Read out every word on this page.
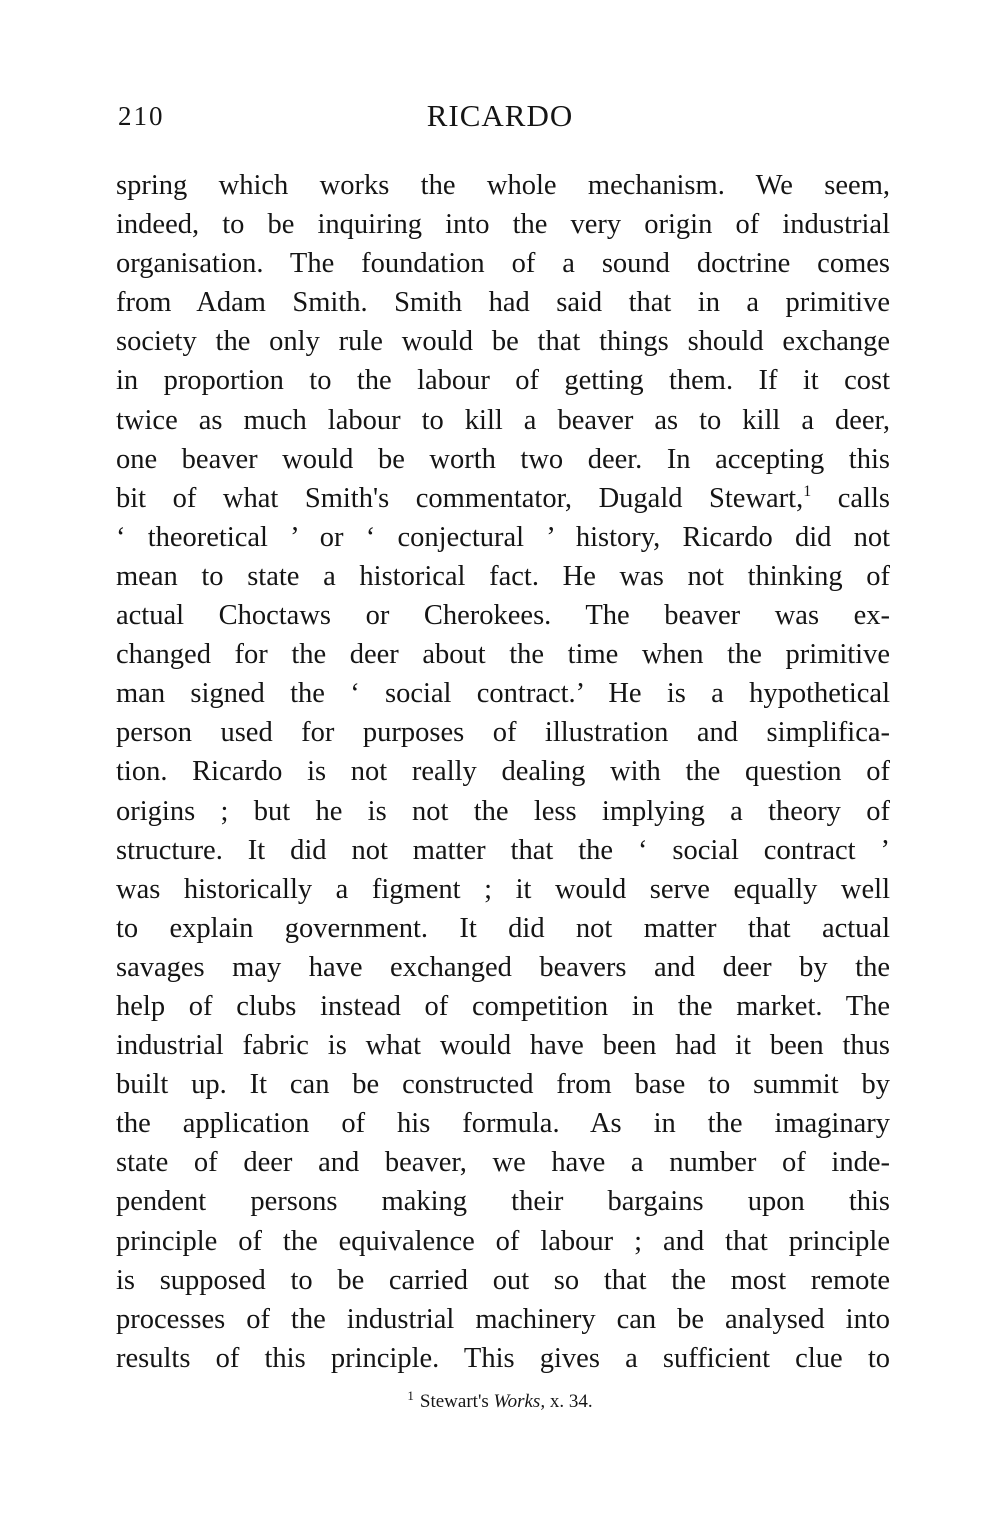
210	RICARDO
spring which works the whole mechanism. We seem,
indeed, to be inquiring into the very origin of industrial
organisation. The foundation of a sound doctrine comes
from Adam Smith. Smith had said that in a primitive
society the only rule would be that things should exchange
in proportion to the labour of getting them. If it cost
twice as much labour to kill a beaver as to kill a deer,
one beaver would be worth two deer. In accepting this
bit of what Smith's commentator, Dugald Stewart,$^1$ calls
‘ theoretical ’ or ‘ conjectural ’ history, Ricardo did not
mean to state a historical fact. He was not thinking of
actual Choctaws or Cherokees. The beaver was ex-
changed for the deer about the time when the primitive
man signed the ‘ social contract.’ He is a hypothetical
person used for purposes of illustration and simplifica-
tion. Ricardo is not really dealing with the question of
origins ; but he is not the less implying a theory of
structure. It did not matter that the ‘ social contract ’
was historically a figment ; it would serve equally well
to explain government. It did not matter that actual
savages may have exchanged beavers and deer by the
help of clubs instead of competition in the market. The
industrial fabric is what would have been had it been thus
built up. It can be constructed from base to summit by
the application of his formula. As in the imaginary
state of deer and beaver, we have a number of inde-
pendent persons making their bargains upon this
principle of the equivalence of labour ; and that principle
is supposed to be carried out so that the most remote
processes of the industrial machinery can be analysed into
results of this principle. This gives a sufficient clue to
$^1$ Stewart's Works, x. 34.
